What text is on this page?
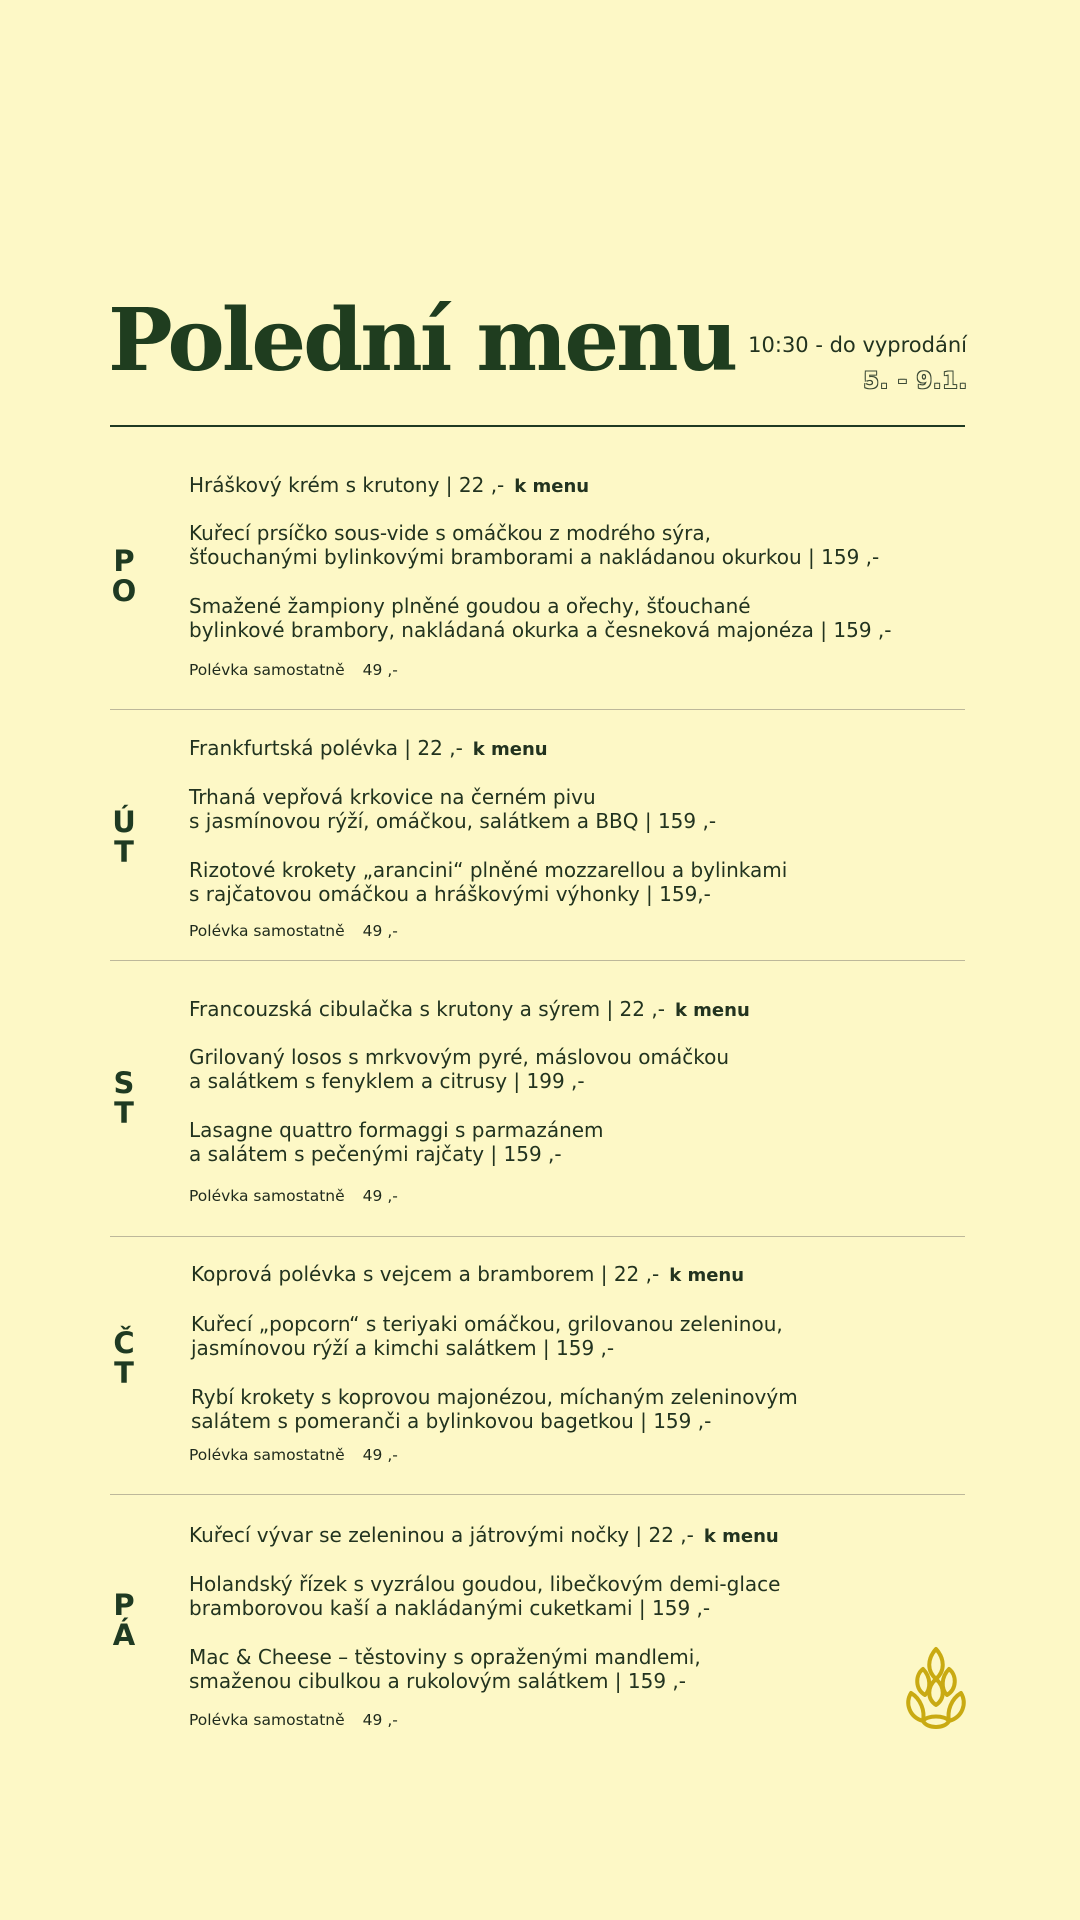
Polední menu 10:30 - do vyprodání
5. - 9.1.
P
O
Hráškový krém s krutony | 22 ,- k menu
Kuřecí prsíčko sous-vide s omáčkou z modrého sýra,
šťouchanými bylinkovými bramborami a nakládanou okurkou | 159 ,-
Smažené žampiony plněné goudou a ořechy, šťouchané
bylinkové brambory, nakládaná okurka a česneková majonéza | 159 ,-
Polévka samostatně 49 ,-
Ú
T
Frankfurtská polévka | 22 ,- k menu
Trhaná vepřová krkovice na černém pivu
s jasmínovou rýží, omáčkou, salátkem a BBQ | 159 ,-
Rizotové krokety „arancini“ plněné mozzarellou a bylinkami
s rajčatovou omáčkou a hráškovými výhonky | 159,-
Polévka samostatně 49 ,-
S
T
Francouzská cibulačka s krutony a sýrem | 22 ,- k menu
Grilovaný losos s mrkvovým pyré, máslovou omáčkou
a salátkem s fenyklem a citrusy | 199 ,-
Lasagne quattro formaggi s parmazánem
a salátem s pečenými rajčaty | 159 ,-
Polévka samostatně 49 ,-
Č
T
Koprová polévka s vejcem a bramborem | 22 ,- k menu
Kuřecí „popcorn“ s teriyaki omáčkou, grilovanou zeleninou,
jasmínovou rýží a kimchi salátkem | 159 ,-
Rybí krokety s koprovou majonézou, míchaným zeleninovým
salátem s pomeranči a bylinkovou bagetkou | 159 ,-
Polévka samostatně 49 ,-
P
Á
Kuřecí vývar se zeleninou a játrovými nočky | 22 ,- k menu
Holandský řízek s vyzrálou goudou, libečkovým demi-glace
bramborovou kaší a nakládanými cuketkami | 159 ,-
Mac & Cheese – těstoviny s opraženými mandlemi,
smaženou cibulkou a rukolovým salátkem | 159 ,-
Polévka samostatně 49 ,-
